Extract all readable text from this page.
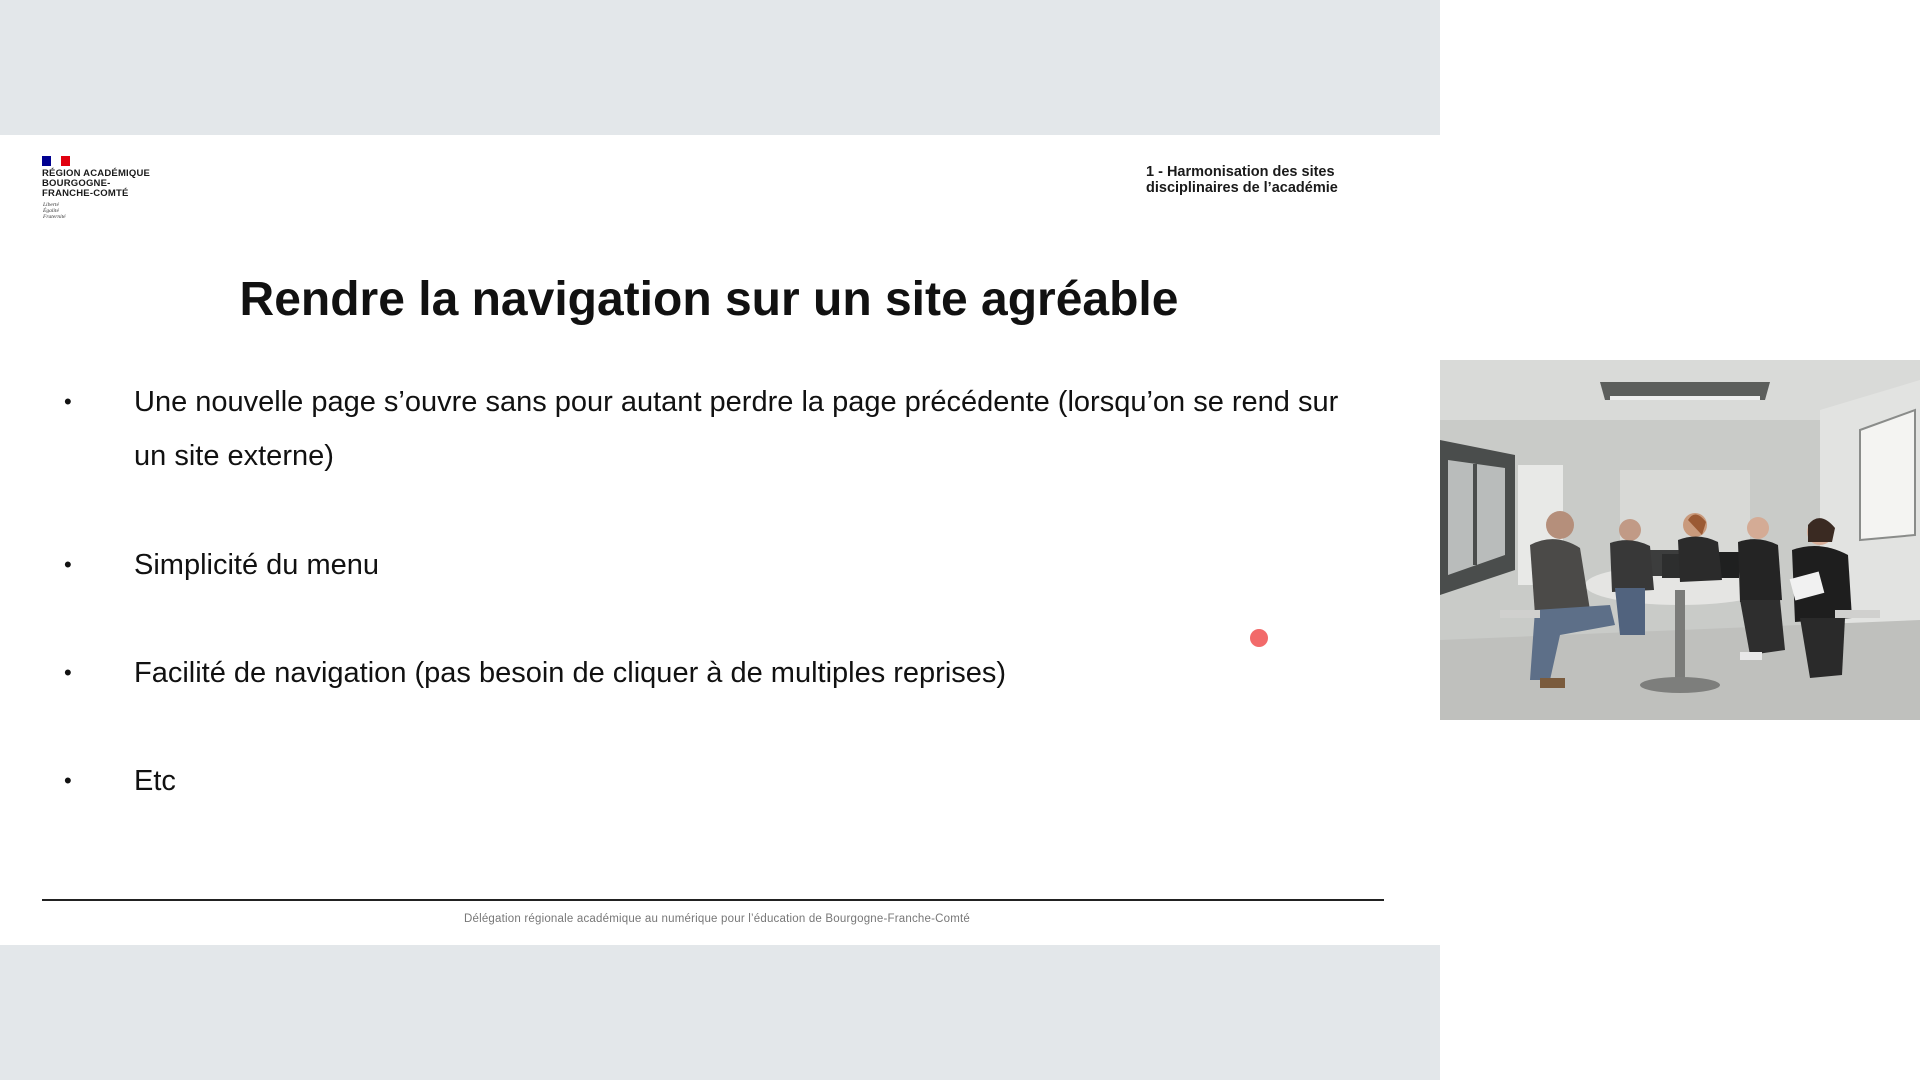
RÉGION ACADÉMIQUE
BOURGOGNE-
FRANCHE-COMTÉ
Liberté
Égalité
Fraternité
1 - Harmonisation des sites
disciplinaires de l’académie
Rendre la navigation sur un site agréable
•	Une nouvelle page s’ouvre sans pour autant perdre la page précédente (lorsqu’on se rend sur un site externe)
•	Simplicité du menu
•	Facilité de navigation (pas besoin de cliquer à de multiples reprises)
•	Etc
Délégation régionale académique au numérique pour l’éducation de Bourgogne-Franche-Comté
